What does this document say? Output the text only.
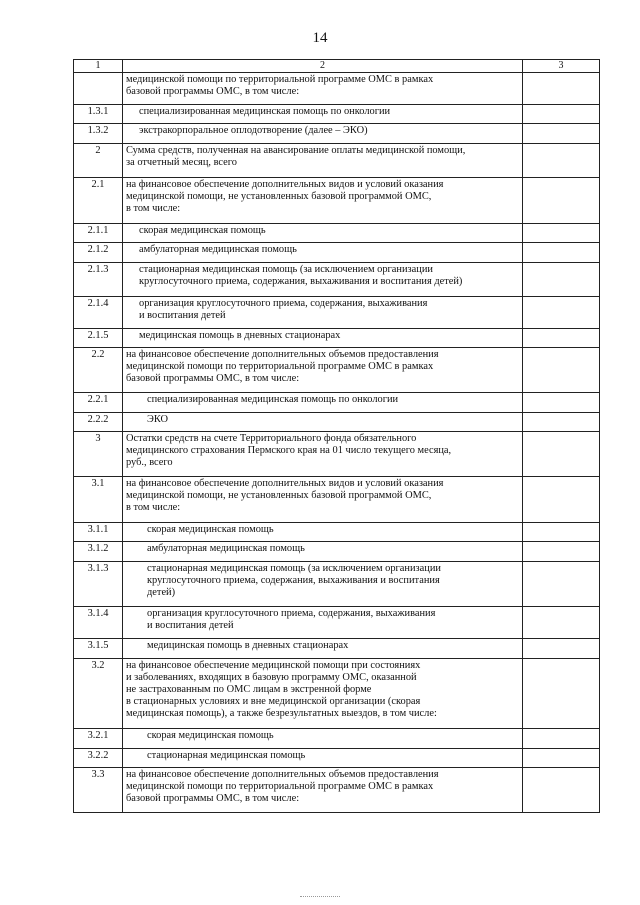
14
1	2	3
	медицинской помощи по территориальной программе ОМС в рамках
базовой программы ОМС, в том числе:	
1.3.1	специализированная медицинская помощь по онкологии	
1.3.2	экстракорпоральное оплодотворение (далее – ЭКО)	
2	Сумма средств, полученная на авансирование оплаты медицинской помощи,
за отчетный месяц, всего	
2.1	на финансовое обеспечение дополнительных видов и условий оказания
медицинской помощи, не установленных базовой программой ОМС,
в том числе:	
2.1.1	скорая медицинская помощь	
2.1.2	амбулаторная медицинская помощь	
2.1.3	стационарная медицинская помощь (за исключением организации
круглосуточного приема, содержания, выхаживания и воспитания детей)	
2.1.4	организация круглосуточного приема, содержания, выхаживания
и воспитания детей	
2.1.5	медицинская помощь в дневных стационарах	
2.2	на финансовое обеспечение дополнительных объемов предоставления
медицинской помощи по территориальной программе ОМС в рамках
базовой программы ОМС, в том числе:	
2.2.1	специализированная медицинская помощь по онкологии	
2.2.2	ЭКО	
3	Остатки средств на счете Территориального фонда обязательного
медицинского страхования Пермского края на 01 число текущего месяца,
руб., всего	
3.1	на финансовое обеспечение дополнительных видов и условий оказания
медицинской помощи, не установленных базовой программой ОМС,
в том числе:	
3.1.1	скорая медицинская помощь	
3.1.2	амбулаторная медицинская помощь	
3.1.3	стационарная медицинская помощь (за исключением организации
круглосуточного приема, содержания, выхаживания и воспитания
детей)	
3.1.4	организация круглосуточного приема, содержания, выхаживания
и воспитания детей	
3.1.5	медицинская помощь в дневных стационарах	
3.2	на финансовое обеспечение медицинской помощи при состояниях
и заболеваниях, входящих в базовую программу ОМС, оказанной
не застрахованным по ОМС лицам в экстренной форме
в стационарных условиях и вне медицинской организации (скорая
медицинская помощь), а также безрезультатных выездов, в том числе:	
3.2.1	скорая медицинская помощь	
3.2.2	стационарная медицинская помощь	
3.3	на финансовое обеспечение дополнительных объемов предоставления
медицинской помощи по территориальной программе ОМС в рамках
базовой программы ОМС, в том числе:	
